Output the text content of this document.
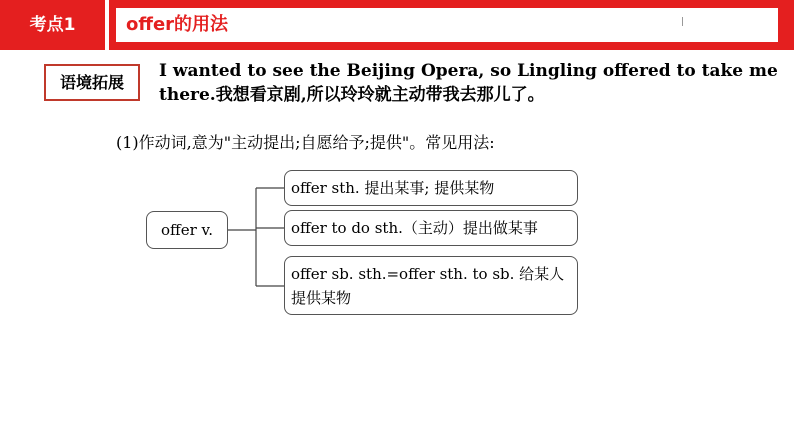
考点1	offer的用法
语境拓展

I wanted to see the Beijing Opera, so Lingling offered to take me there.我想看京剧,所以玲玲就主动带我去那儿了。

(1)作动词,意为"主动提出;自愿给予;提供"。常见用法:

offer v.
offer sth. 提出某事; 提供某物
offer to do sth.（主动）提出做某事
offer sb. sth.=offer sth. to sb. 给某人提供某物
